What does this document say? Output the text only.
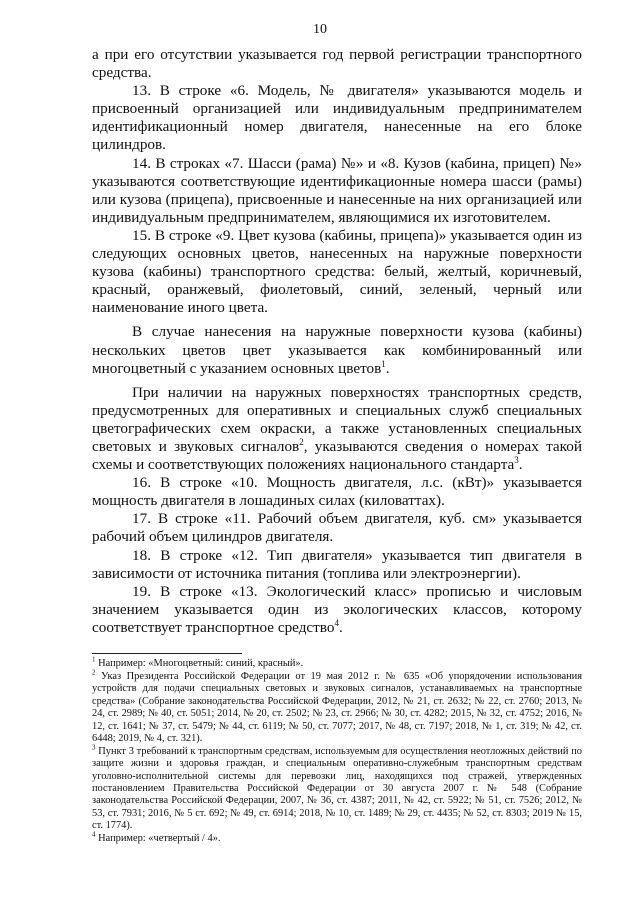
10

а при его отсутствии указывается год первой регистрации транспортного средства.

13. В строке «6. Модель, № двигателя» указываются модель и присвоенный организацией или индивидуальным предпринимателем идентификационный номер двигателя, нанесенные на его блоке цилиндров.

14. В строках «7. Шасси (рама) №» и «8. Кузов (кабина, прицеп) №» указываются соответствующие идентификационные номера шасси (рамы) или кузова (прицепа), присвоенные и нанесенные на них организацией или индивидуальным предпринимателем, являющимися их изготовителем.

15. В строке «9. Цвет кузова (кабины, прицепа)» указывается один из следующих основных цветов, нанесенных на наружные поверхности кузова (кабины) транспортного средства: белый, желтый, коричневый, красный, оранжевый, фиолетовый, синий, зеленый, черный или наименование иного цвета.

В случае нанесения на наружные поверхности кузова (кабины) нескольких цветов цвет указывается как комбинированный или многоцветный с указанием основных цветов$^1$.

При наличии на наружных поверхностях транспортных средств, предусмотренных для оперативных и специальных служб специальных цветографических схем окраски, а также установленных специальных световых и звуковых сигналов$^2$, указываются сведения о номерах такой схемы и соответствующих положениях национального стандарта$^3$.

16. В строке «10. Мощность двигателя, л.с. (кВт)» указывается мощность двигателя в лошадиных силах (киловаттах).

17. В строке «11. Рабочий объем двигателя, куб. см» указывается рабочий объем цилиндров двигателя.

18. В строке «12. Тип двигателя» указывается тип двигателя в зависимости от источника питания (топлива или электроэнергии).

19. В строке «13. Экологический класс» прописью и числовым значением указывается один из экологических классов, которому соответствует транспортное средство$^4$.

$^1$ Например: «Многоцветный: синий, красный».

$^2$ Указ Президента Российской Федерации от 19 мая 2012 г. № 635 «Об упорядочении использования устройств для подачи специальных световых и звуковых сигналов, устанавливаемых на транспортные средства» (Собрание законодательства Российской Федерации, 2012, № 21, ст. 2632; № 22, ст. 2760; 2013, № 24, ст. 2989; № 40, ст. 5051; 2014, № 20, ст. 2502; № 23, ст. 2966; № 30, ст. 4282; 2015, № 32, ст. 4752; 2016, № 12, ст. 1641; № 37, ст. 5479; № 44, ст. 6119; № 50, ст. 7077; 2017, № 48, ст. 7197; 2018, № 1, ст. 319; № 42, ст. 6448; 2019, № 4, ст. 321).

$^3$ Пункт 3 требований к транспортным средствам, используемым для осуществления неотложных действий по защите жизни и здоровья граждан, и специальным оперативно-служебным транспортным средствам уголовно-исполнительной системы для перевозки лиц, находящихся под стражей, утвержденных постановлением Правительства Российской Федерации от 30 августа 2007 г. № 548 (Собрание законодательства Российской Федерации, 2007, № 36, ст. 4387; 2011, № 42, ст. 5922; № 51, ст. 7526; 2012, № 53, ст. 7931; 2016, № 5 ст. 692; № 49, ст. 6914; 2018, № 10, ст. 1489; № 29, ст. 4435; № 52, ст. 8303; 2019 № 15, ст. 1774).

$^4$ Например: «четвертый / 4».
